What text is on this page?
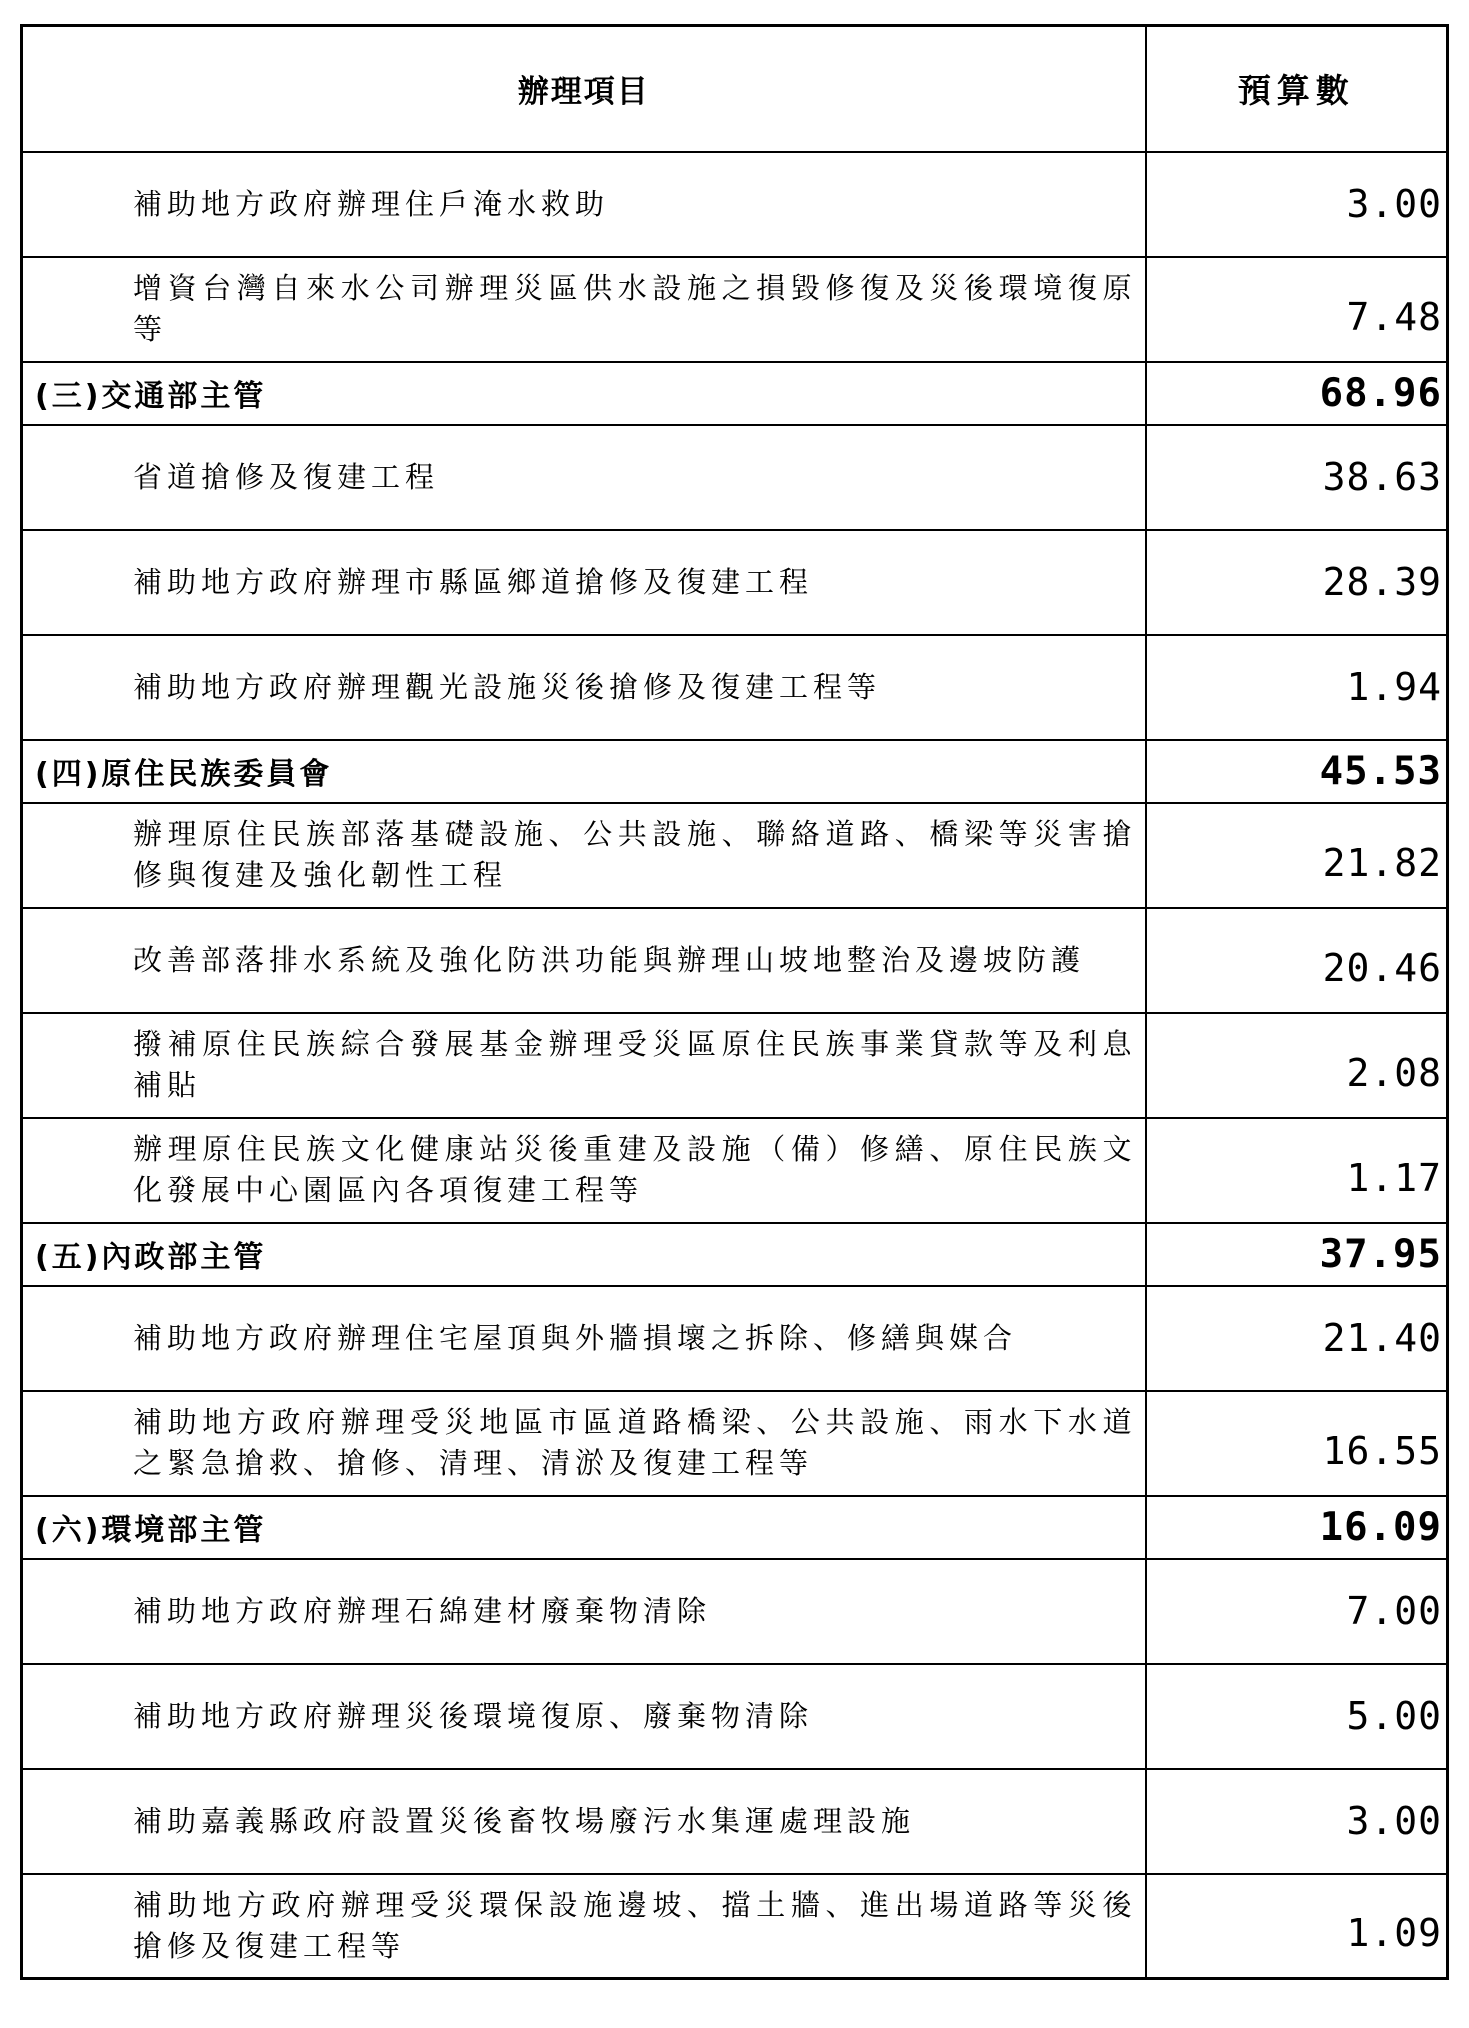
辦理項目	預算數
補助地方政府辦理住戶淹水救助	3.00
增資台灣自來水公司辦理災區供水設施之損毀修復及災後環境復原等	7.48
(三)交通部主管	68.96
省道搶修及復建工程	38.63
補助地方政府辦理市縣區鄉道搶修及復建工程	28.39
補助地方政府辦理觀光設施災後搶修及復建工程等	1.94
(四)原住民族委員會	45.53
辦理原住民族部落基礎設施、公共設施、聯絡道路、橋梁等災害搶修與復建及強化韌性工程	21.82
改善部落排水系統及強化防洪功能與辦理山坡地整治及邊坡防護	20.46
撥補原住民族綜合發展基金辦理受災區原住民族事業貸款等及利息補貼	2.08
辦理原住民族文化健康站災後重建及設施（備）修繕、原住民族文化發展中心園區內各項復建工程等	1.17
(五)內政部主管	37.95
補助地方政府辦理住宅屋頂與外牆損壞之拆除、修繕與媒合	21.40
補助地方政府辦理受災地區市區道路橋梁、公共設施、雨水下水道之緊急搶救、搶修、清理、清淤及復建工程等	16.55
(六)環境部主管	16.09
補助地方政府辦理石綿建材廢棄物清除	7.00
補助地方政府辦理災後環境復原、廢棄物清除	5.00
補助嘉義縣政府設置災後畜牧場廢污水集運處理設施	3.00
補助地方政府辦理受災環保設施邊坡、擋土牆、進出場道路等災後搶修及復建工程等	1.09
